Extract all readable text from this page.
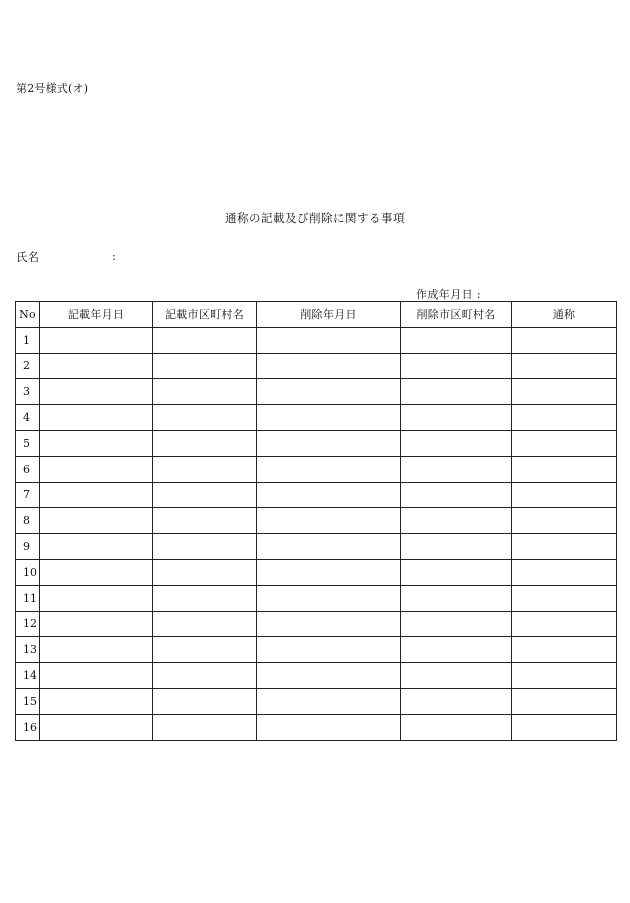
第2号様式(オ)
通称の記載及び削除に関する事項
氏名	:
作成年月日 :
No	記載年月日	記載市区町村名	削除年月日	削除市区町村名	通称
1					
2					
3					
4					
5					
6					
7					
8					
9					
10					
11					
12					
13					
14					
15					
16					
